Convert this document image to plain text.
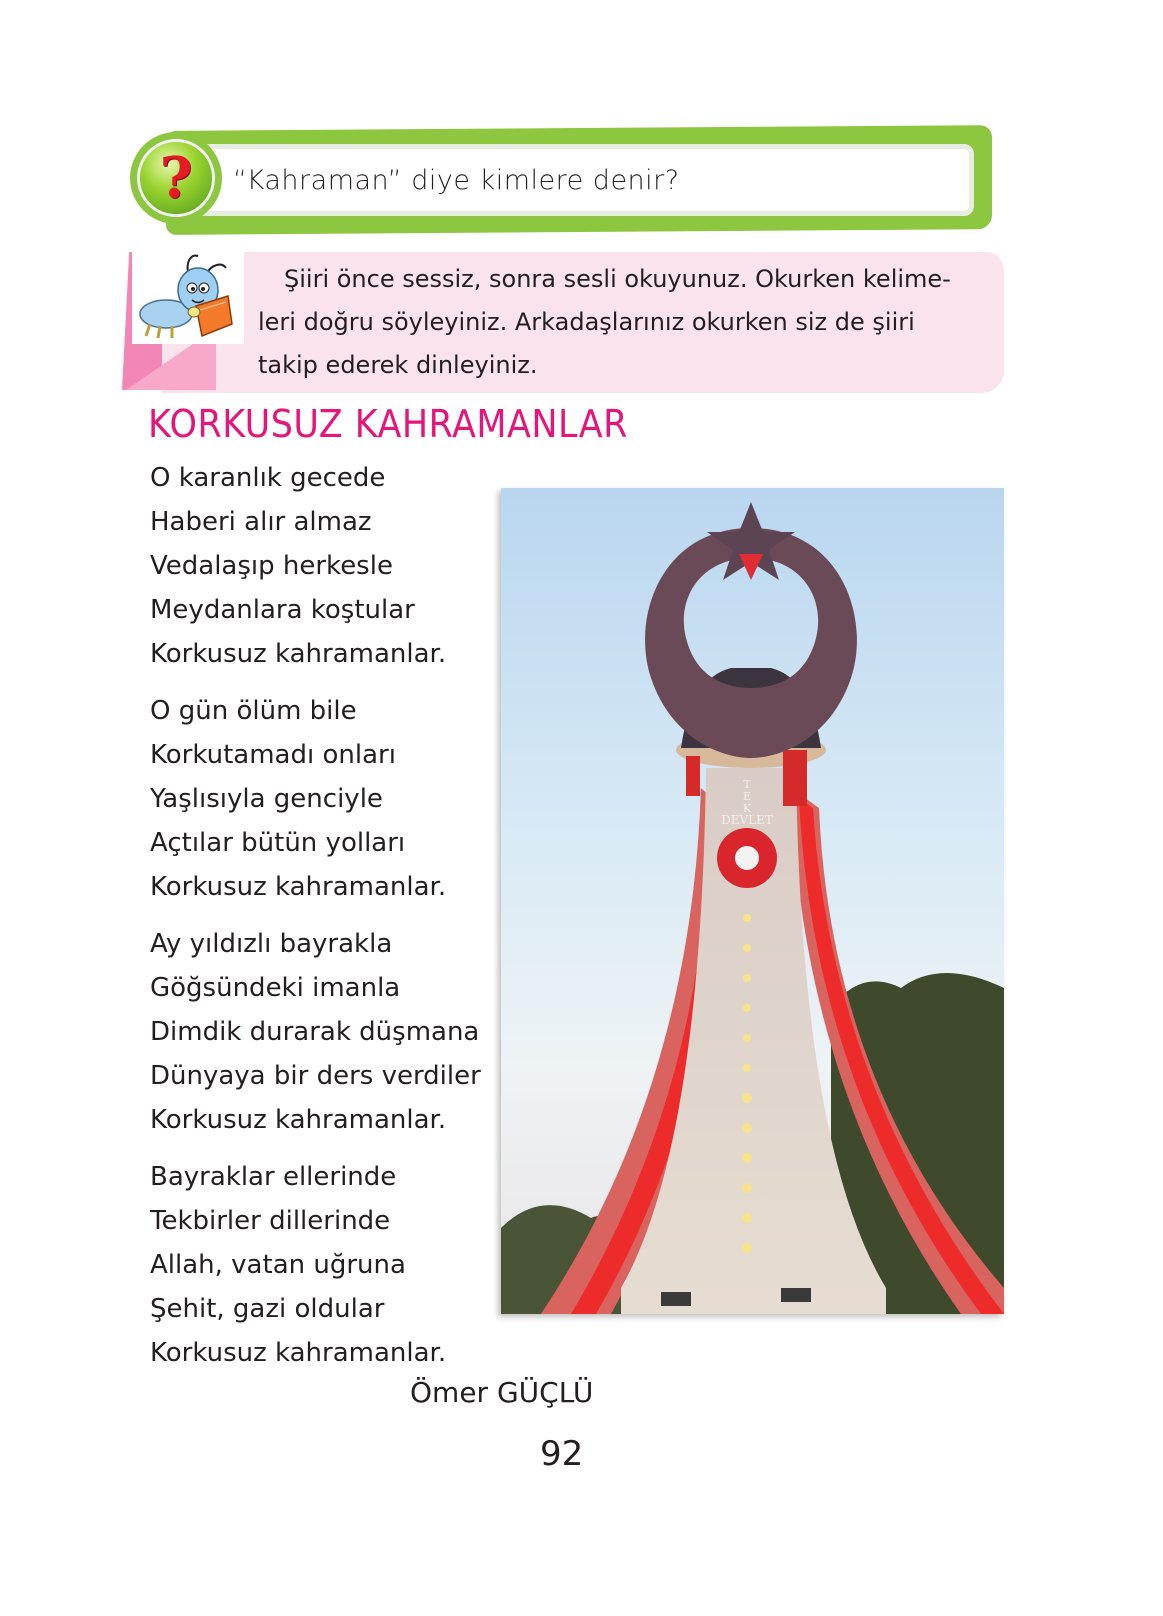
“Kahraman” diye kimlere denir?
?
Şiiri önce sessiz, sonra sesli okuyunuz. Okurken kelime-
leri doğru söyleyiniz. Arkadaşlarınız okurken siz de şiiri
takip ederek dinleyiniz.
KORKUSUZ KAHRAMANLAR
O karanlık gecede
Haberi alır almaz
Vedalaşıp herkesle
Meydanlara koştular
Korkusuz kahramanlar.
O gün ölüm bile
Korkutamadı onları
Yaşlısıyla genciyle
Açtılar bütün yolları
Korkusuz kahramanlar.
Ay yıldızlı bayrakla
Göğsündeki imanla
Dimdik durarak düşmana
Dünyaya bir ders verdiler
Korkusuz kahramanlar.
Bayraklar ellerinde
Tekbirler dillerinde
Allah, vatan uğruna
Şehit, gazi oldular
Korkusuz kahramanlar.
T
E
K
DEVLET
Ömer GÜÇLÜ
92
